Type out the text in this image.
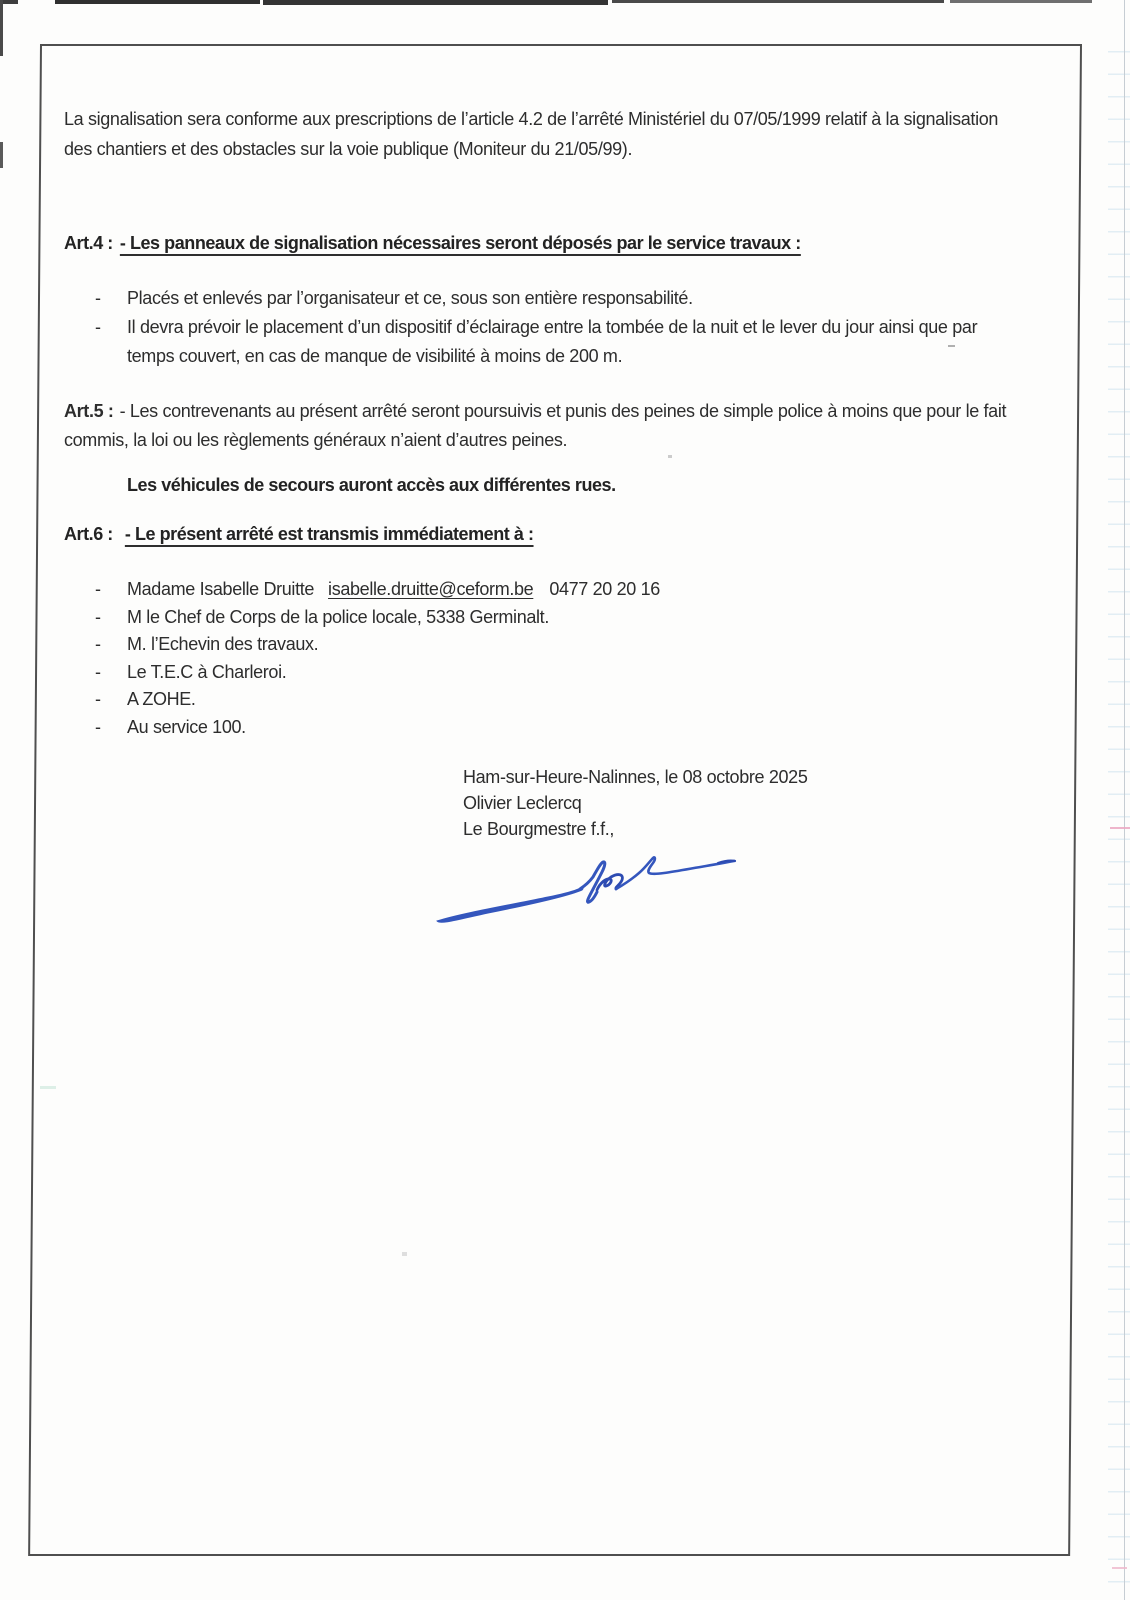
La signalisation sera conforme aux prescriptions de l’article 4.2 de l’arrêté Ministériel du 07/05/1999 relatif à la signalisation des chantiers et des obstacles sur la voie publique (Moniteur du 21/05/99).

Art.4 : - Les panneaux de signalisation nécessaires seront déposés par le service travaux :
-	Placés et enlevés par l’organisateur et ce, sous son entière responsabilité.
-	Il devra prévoir le placement d’un dispositif d’éclairage entre la tombée de la nuit et le lever du jour ainsi que par temps couvert, en cas de manque de visibilité à moins de 200 m.

Art.5 : - Les contrevenants au présent arrêté seront poursuivis et punis des peines de simple police à moins que pour le fait commis, la loi ou les règlements généraux n’aient d’autres peines.

Les véhicules de secours auront accès aux différentes rues.
Art.6 : - Le présent arrêté est transmis immédiatement à :
-	Madame Isabelle Druitte isabelle.druitte@ceform.be 0477 20 20 16
-	M le Chef de Corps de la police locale, 5338 Germinalt.
-	M. l’Echevin des travaux.
-	Le T.E.C à Charleroi.
-	A ZOHE.
-	Au service 100.
Ham-sur-Heure-Nalinnes, le 08 octobre 2025
Olivier Leclercq
Le Bourgmestre f.f.,
